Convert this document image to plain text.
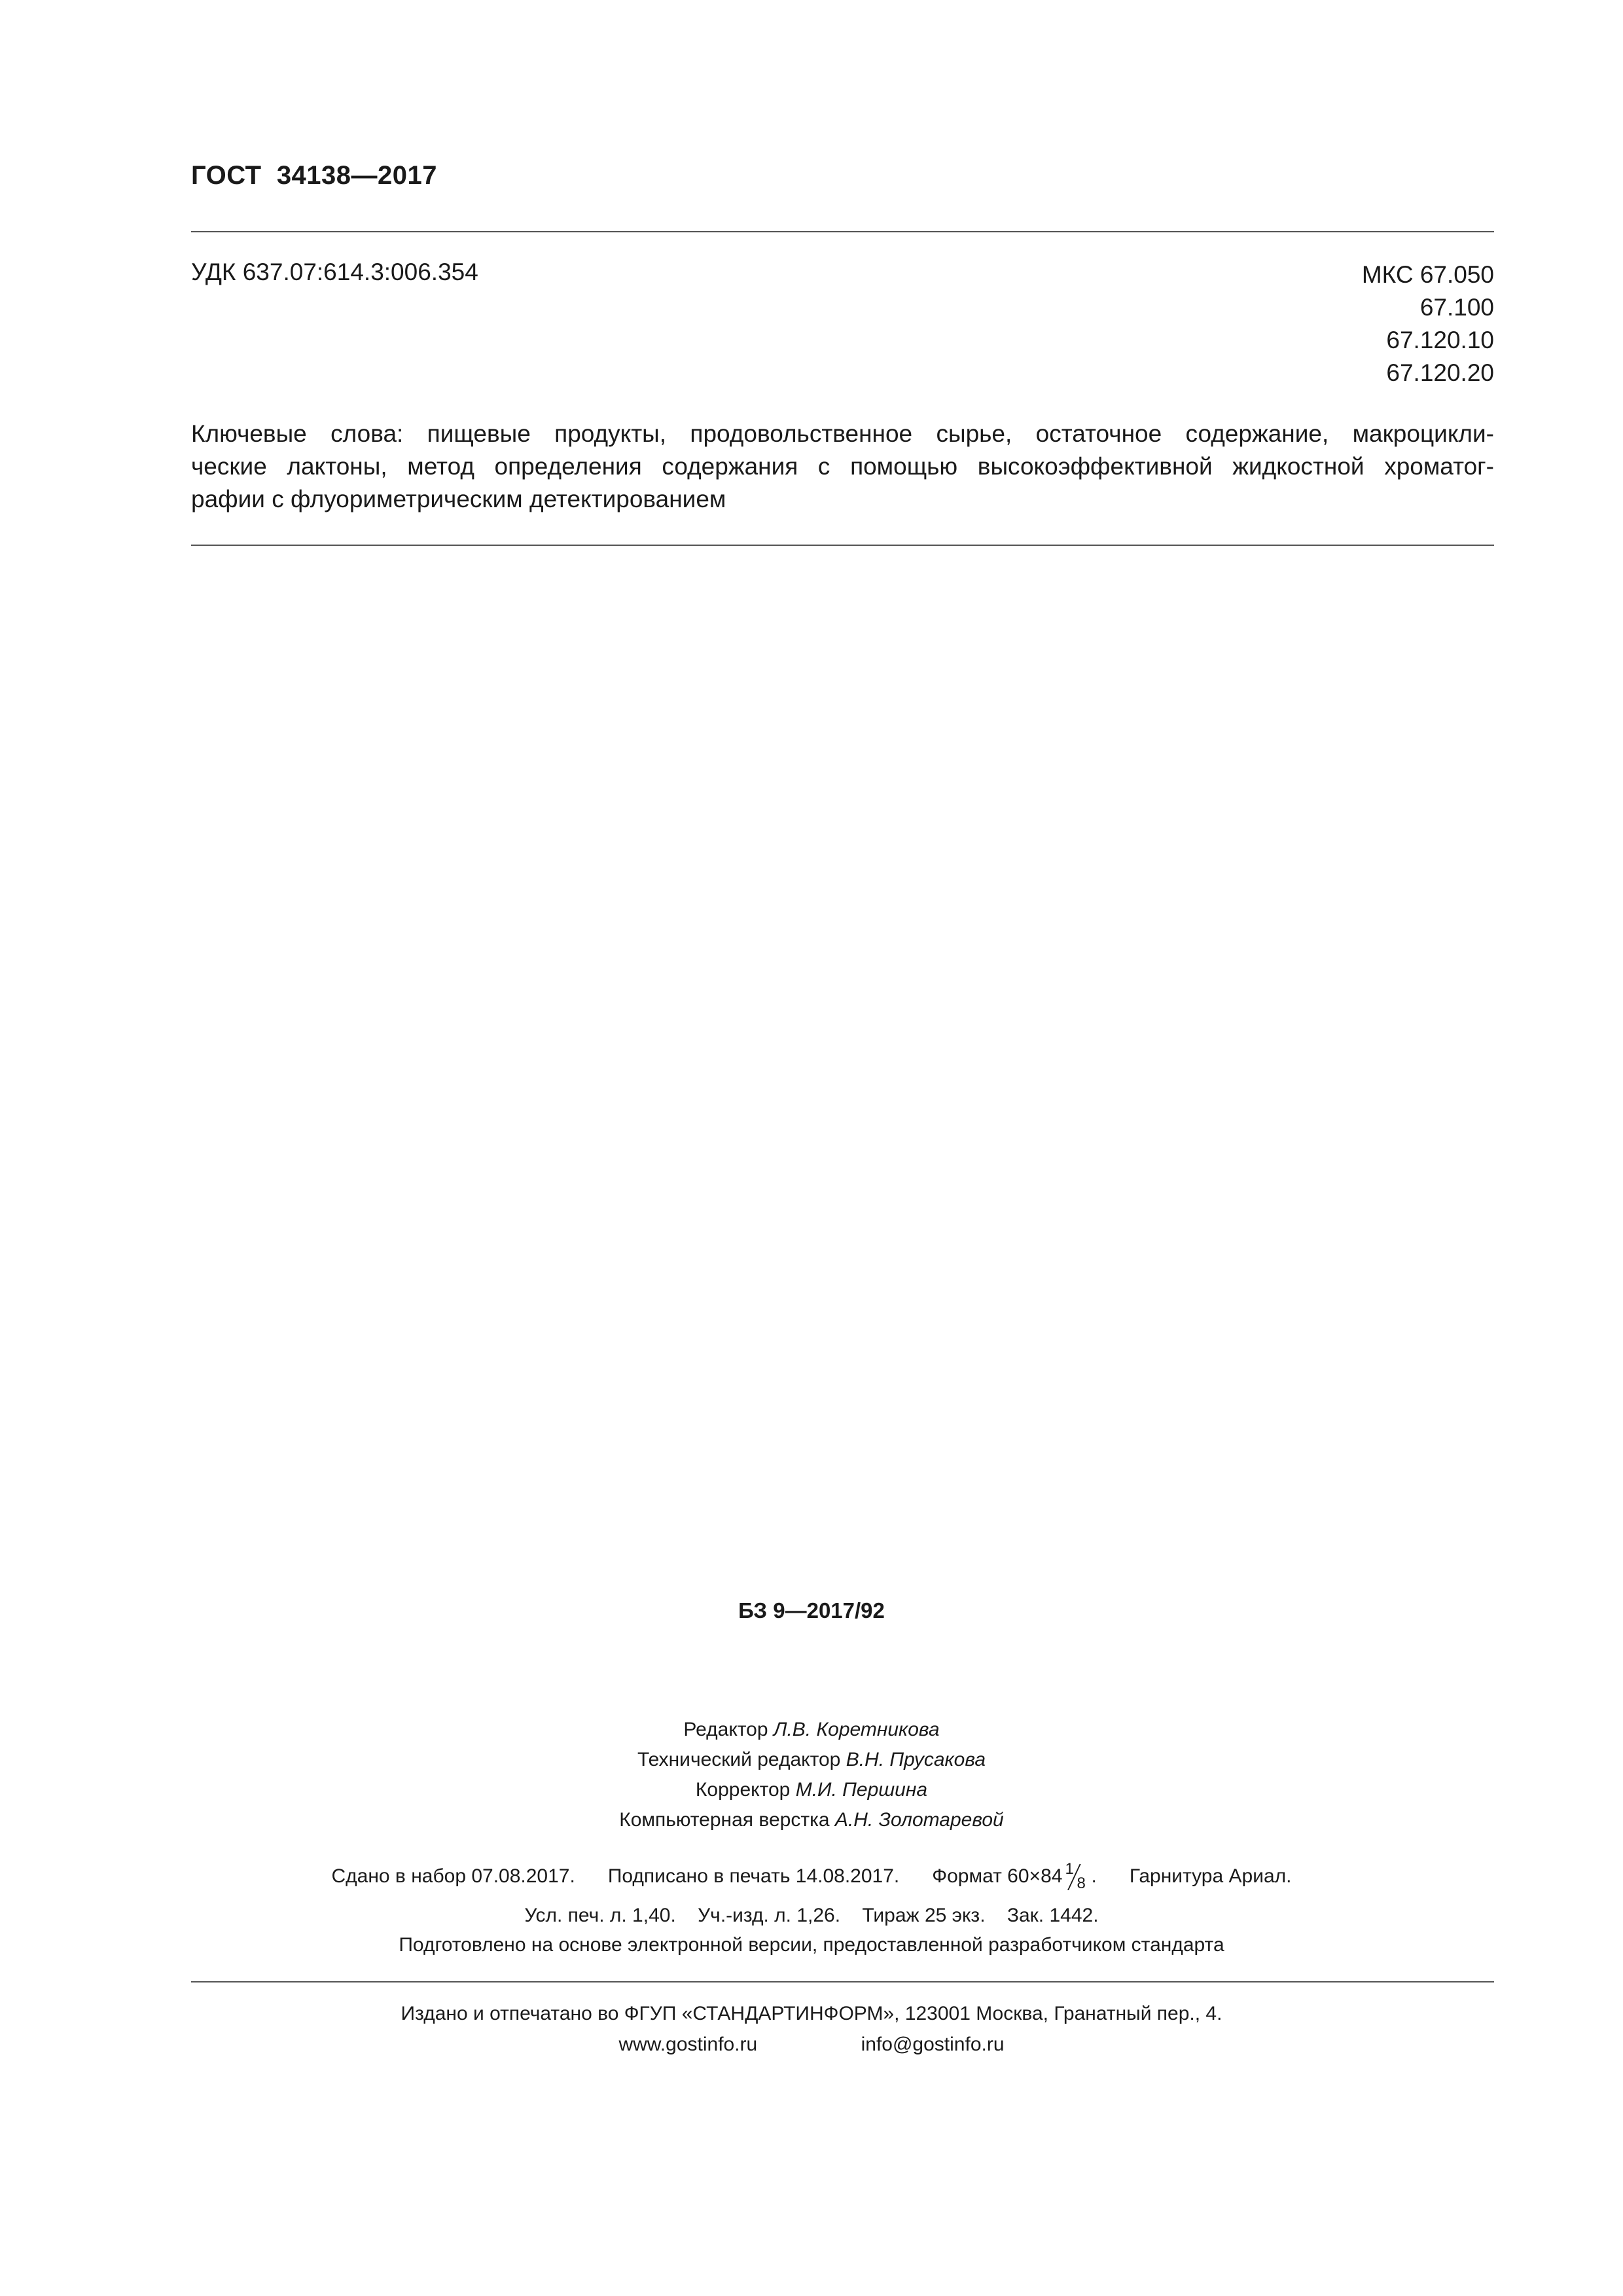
ГОСТ  34138—2017
УДК 637.07:614.3:006.354	МКС 67.050
67.100
67.120.10
67.120.20
Ключевые слова: пищевые продукты, продовольственное сырье, остаточное содержание, макроцикли-
ческие лактоны, метод определения содержания с помощью высокоэффективной жидкостной хроматог-
рафии с флуориметрическим детектированием
БЗ 9—2017/92
Редактор Л.В. Коретникова
Технический редактор В.Н. Прусакова
Корректор М.И. Першина
Компьютерная верстка А.Н. Золотаревой
Сдано в набор 07.08.2017. Подписано в печать 14.08.2017. Формат 60×84 1
8 .      Гарнитура Ариал.
Усл. печ. л. 1,40. Уч.-изд. л. 1,26. Тираж 25 экз. Зак. 1442.
Подготовлено на основе электронной версии, предоставленной разработчиком стандарта
Издано и отпечатано во ФГУП «СТАНДАРТИНФОРМ», 123001 Москва, Гранатный пер., 4.
www.gostinfo.ru	info@gostinfo.ru
